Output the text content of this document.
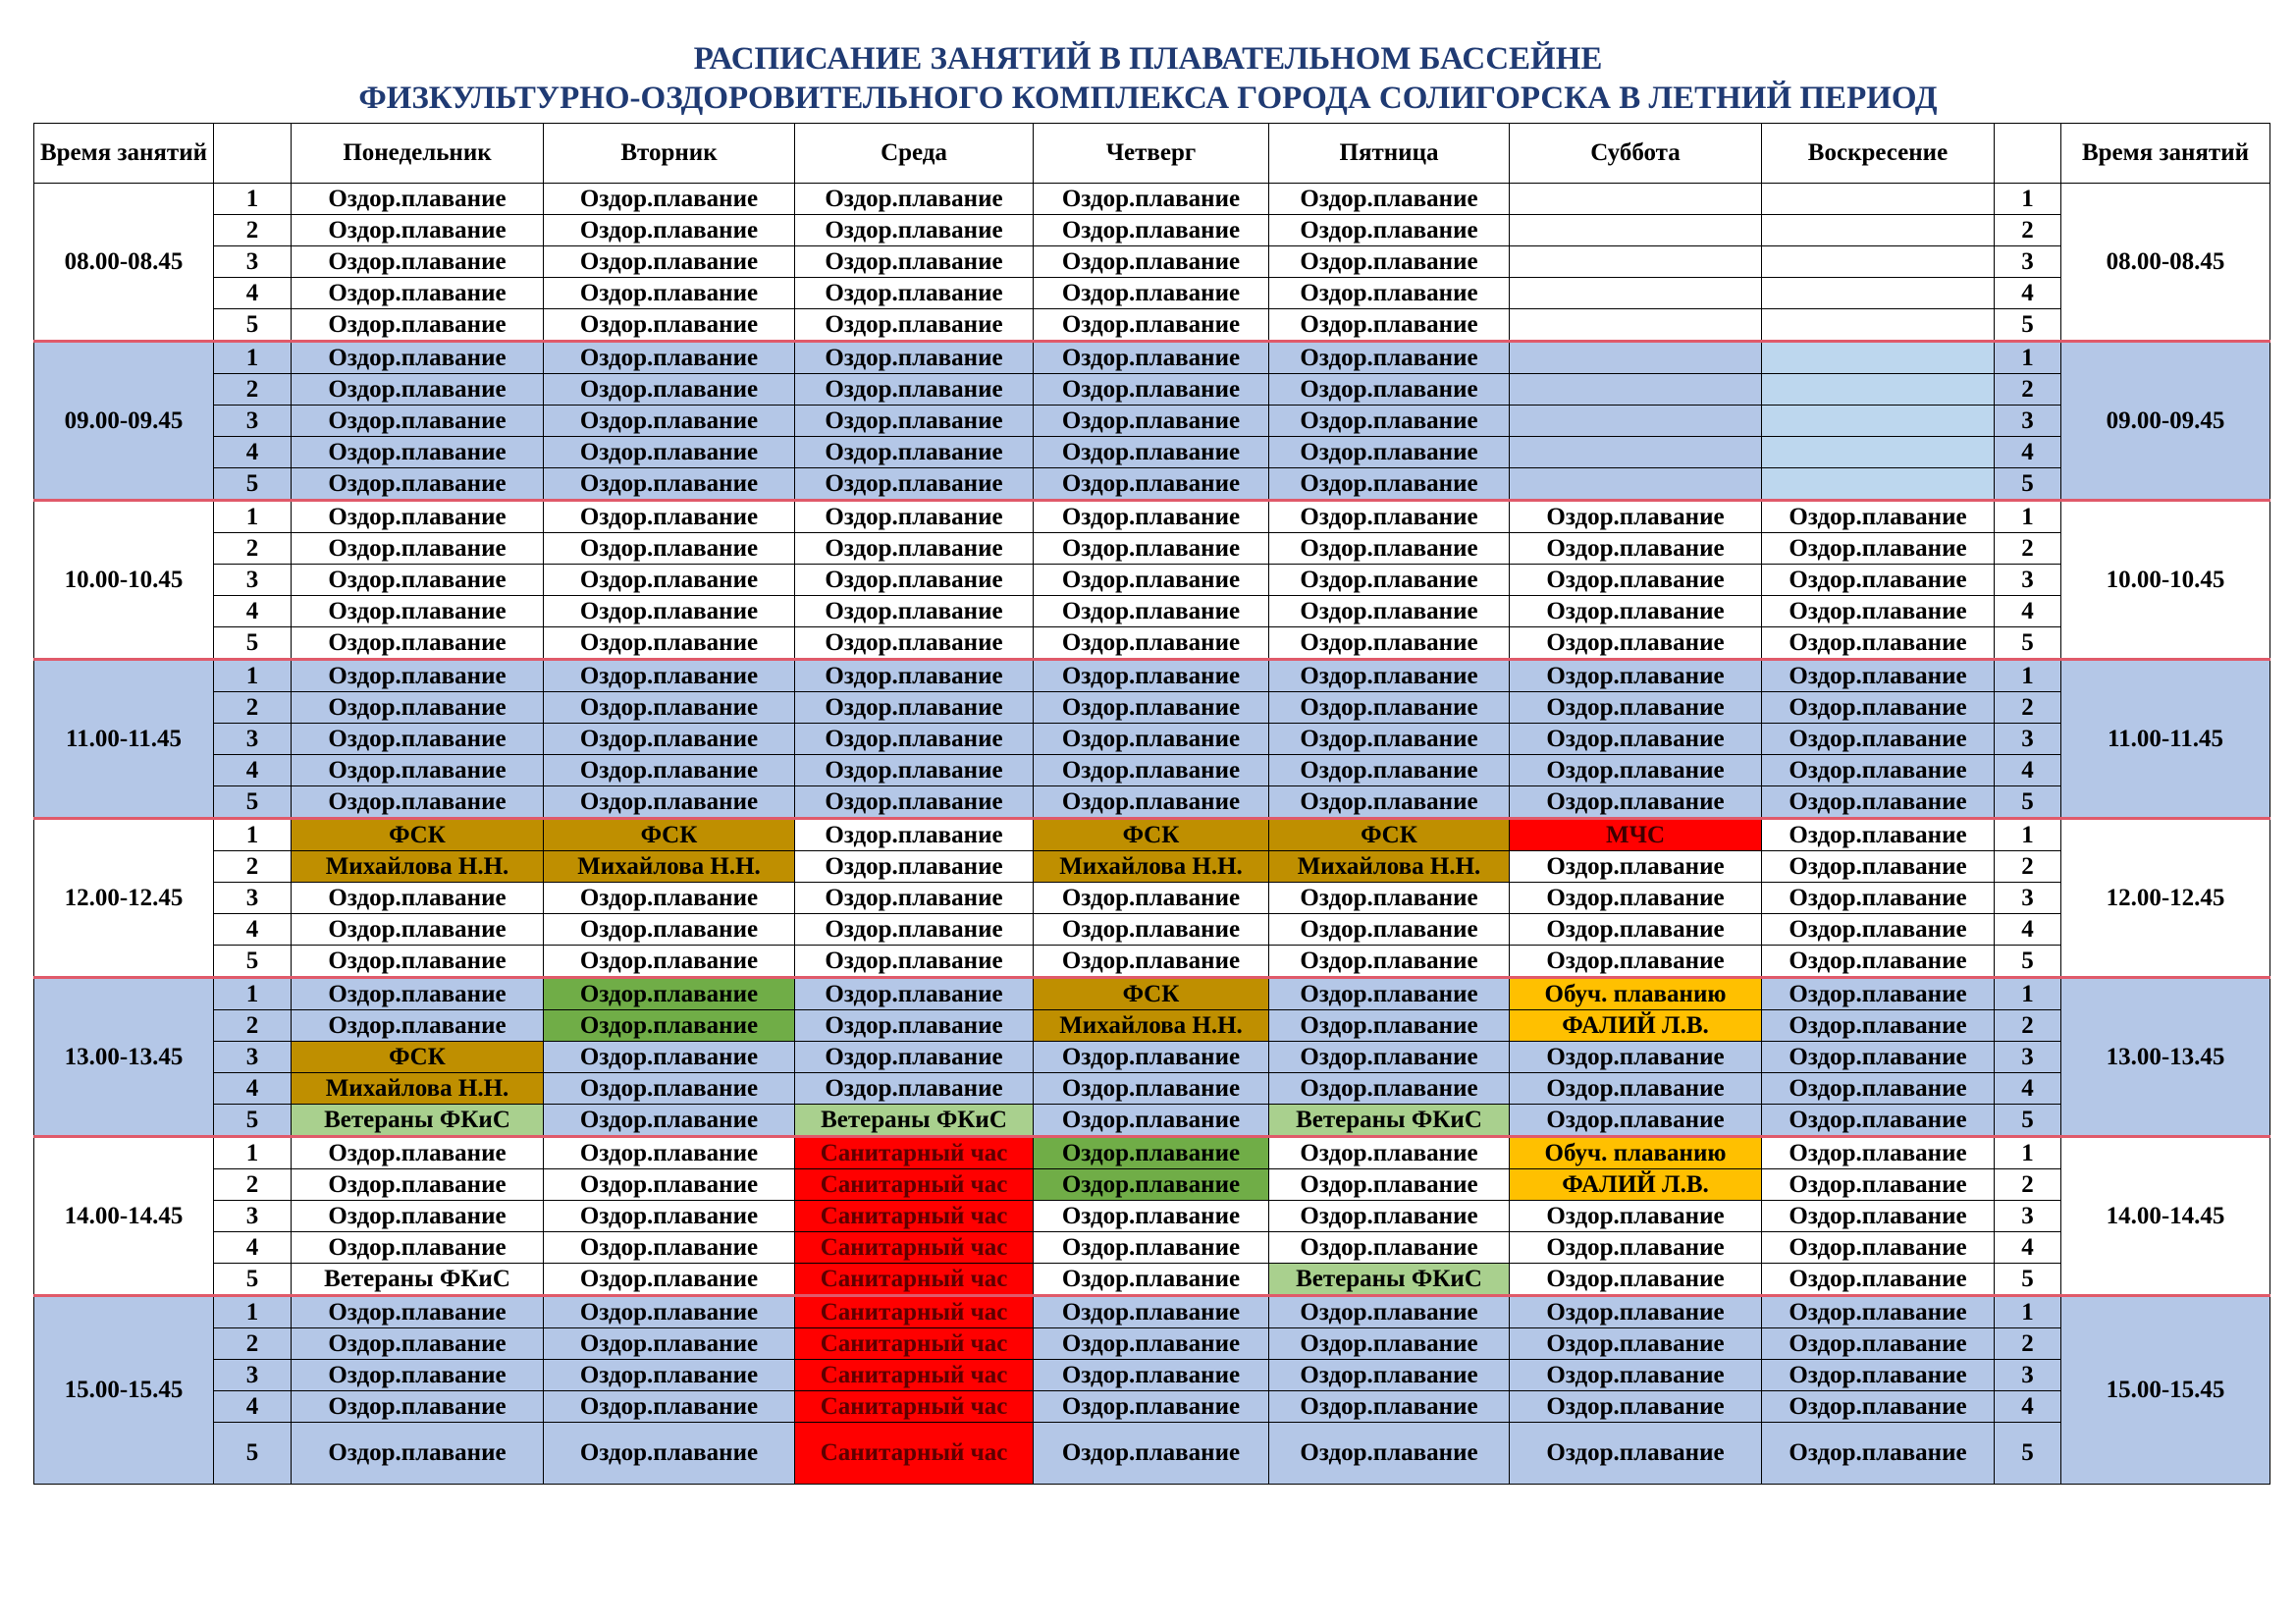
РАСПИСАНИЕ ЗАНЯТИЙ В ПЛАВАТЕЛЬНОМ БАССЕЙНЕ
ФИЗКУЛЬТУРНО-ОЗДОРОВИТЕЛЬНОГО КОМПЛЕКСА ГОРОДА СОЛИГОРСКА В ЛЕТНИЙ ПЕРИОД
Время занятий		Понедельник	Вторник	Среда	Четверг	Пятница	Суббота	Воскресение		Время занятий
08.00-08.45	1	Оздор.плавание	Оздор.плавание	Оздор.плавание	Оздор.плавание	Оздор.плавание			1	08.00-08.45
	2	Оздор.плавание	Оздор.плавание	Оздор.плавание	Оздор.плавание	Оздор.плавание			2	
	3	Оздор.плавание	Оздор.плавание	Оздор.плавание	Оздор.плавание	Оздор.плавание			3	
	4	Оздор.плавание	Оздор.плавание	Оздор.плавание	Оздор.плавание	Оздор.плавание			4	
	5	Оздор.плавание	Оздор.плавание	Оздор.плавание	Оздор.плавание	Оздор.плавание			5	
09.00-09.45	1	Оздор.плавание	Оздор.плавание	Оздор.плавание	Оздор.плавание	Оздор.плавание			1	09.00-09.45
	2	Оздор.плавание	Оздор.плавание	Оздор.плавание	Оздор.плавание	Оздор.плавание			2	
	3	Оздор.плавание	Оздор.плавание	Оздор.плавание	Оздор.плавание	Оздор.плавание			3	
	4	Оздор.плавание	Оздор.плавание	Оздор.плавание	Оздор.плавание	Оздор.плавание			4	
	5	Оздор.плавание	Оздор.плавание	Оздор.плавание	Оздор.плавание	Оздор.плавание			5	
10.00-10.45	1	Оздор.плавание	Оздор.плавание	Оздор.плавание	Оздор.плавание	Оздор.плавание	Оздор.плавание	Оздор.плавание	1	10.00-10.45
	2	Оздор.плавание	Оздор.плавание	Оздор.плавание	Оздор.плавание	Оздор.плавание	Оздор.плавание	Оздор.плавание	2	
	3	Оздор.плавание	Оздор.плавание	Оздор.плавание	Оздор.плавание	Оздор.плавание	Оздор.плавание	Оздор.плавание	3	
	4	Оздор.плавание	Оздор.плавание	Оздор.плавание	Оздор.плавание	Оздор.плавание	Оздор.плавание	Оздор.плавание	4	
	5	Оздор.плавание	Оздор.плавание	Оздор.плавание	Оздор.плавание	Оздор.плавание	Оздор.плавание	Оздор.плавание	5	
11.00-11.45	1	Оздор.плавание	Оздор.плавание	Оздор.плавание	Оздор.плавание	Оздор.плавание	Оздор.плавание	Оздор.плавание	1	11.00-11.45
	2	Оздор.плавание	Оздор.плавание	Оздор.плавание	Оздор.плавание	Оздор.плавание	Оздор.плавание	Оздор.плавание	2	
	3	Оздор.плавание	Оздор.плавание	Оздор.плавание	Оздор.плавание	Оздор.плавание	Оздор.плавание	Оздор.плавание	3	
	4	Оздор.плавание	Оздор.плавание	Оздор.плавание	Оздор.плавание	Оздор.плавание	Оздор.плавание	Оздор.плавание	4	
	5	Оздор.плавание	Оздор.плавание	Оздор.плавание	Оздор.плавание	Оздор.плавание	Оздор.плавание	Оздор.плавание	5	
12.00-12.45	1	ФСК	ФСК	Оздор.плавание	ФСК	ФСК	МЧС	Оздор.плавание	1	12.00-12.45
	2	Михайлова Н.Н.	Михайлова Н.Н.	Оздор.плавание	Михайлова Н.Н.	Михайлова Н.Н.	Оздор.плавание	Оздор.плавание	2	
	3	Оздор.плавание	Оздор.плавание	Оздор.плавание	Оздор.плавание	Оздор.плавание	Оздор.плавание	Оздор.плавание	3	
	4	Оздор.плавание	Оздор.плавание	Оздор.плавание	Оздор.плавание	Оздор.плавание	Оздор.плавание	Оздор.плавание	4	
	5	Оздор.плавание	Оздор.плавание	Оздор.плавание	Оздор.плавание	Оздор.плавание	Оздор.плавание	Оздор.плавание	5	
13.00-13.45	1	Оздор.плавание	Оздор.плавание	Оздор.плавание	ФСК	Оздор.плавание	Обуч. плаванию	Оздор.плавание	1	13.00-13.45
	2	Оздор.плавание	Оздор.плавание	Оздор.плавание	Михайлова Н.Н.	Оздор.плавание	ФАЛИЙ Л.В.	Оздор.плавание	2	
	3	ФСК	Оздор.плавание	Оздор.плавание	Оздор.плавание	Оздор.плавание	Оздор.плавание	Оздор.плавание	3	
	4	Михайлова Н.Н.	Оздор.плавание	Оздор.плавание	Оздор.плавание	Оздор.плавание	Оздор.плавание	Оздор.плавание	4	
	5	Ветераны ФКиС	Оздор.плавание	Ветераны ФКиС	Оздор.плавание	Ветераны ФКиС	Оздор.плавание	Оздор.плавание	5	
14.00-14.45	1	Оздор.плавание	Оздор.плавание	Санитарный час	Оздор.плавание	Оздор.плавание	Обуч. плаванию	Оздор.плавание	1	14.00-14.45
	2	Оздор.плавание	Оздор.плавание	Санитарный час	Оздор.плавание	Оздор.плавание	ФАЛИЙ Л.В.	Оздор.плавание	2	
	3	Оздор.плавание	Оздор.плавание	Санитарный час	Оздор.плавание	Оздор.плавание	Оздор.плавание	Оздор.плавание	3	
	4	Оздор.плавание	Оздор.плавание	Санитарный час	Оздор.плавание	Оздор.плавание	Оздор.плавание	Оздор.плавание	4	
	5	Ветераны ФКиС	Оздор.плавание	Санитарный час	Оздор.плавание	Ветераны ФКиС	Оздор.плавание	Оздор.плавание	5	
15.00-15.45	1	Оздор.плавание	Оздор.плавание	Санитарный час	Оздор.плавание	Оздор.плавание	Оздор.плавание	Оздор.плавание	1	15.00-15.45
	2	Оздор.плавание	Оздор.плавание	Санитарный час	Оздор.плавание	Оздор.плавание	Оздор.плавание	Оздор.плавание	2	
	3	Оздор.плавание	Оздор.плавание	Санитарный час	Оздор.плавание	Оздор.плавание	Оздор.плавание	Оздор.плавание	3	
	4	Оздор.плавание	Оздор.плавание	Санитарный час	Оздор.плавание	Оздор.плавание	Оздор.плавание	Оздор.плавание	4	
	5	Оздор.плавание	Оздор.плавание	Санитарный час	Оздор.плавание	Оздор.плавание	Оздор.плавание	Оздор.плавание	5	
